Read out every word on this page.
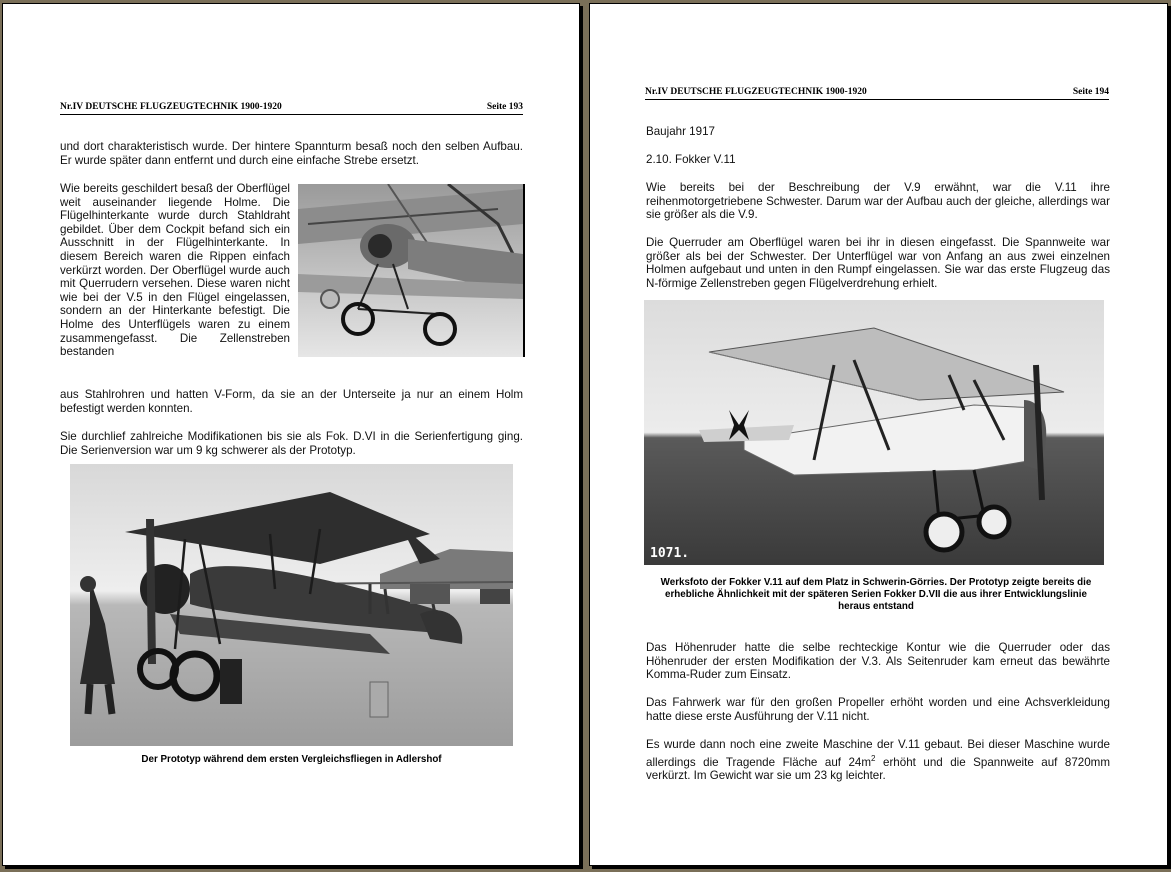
Nr.IV DEUTSCHE FLUGZEUGTECHNIK 1900-1920	Seite 193

und dort charakteristisch wurde. Der hintere Spannturm besaß noch den selben Aufbau. Er wurde später dann entfernt und durch eine einfache Strebe ersetzt.

Wie bereits geschildert besaß der Oberflügel weit auseinander liegende Holme. Die Flügelhinterkante wurde durch Stahldraht gebildet. Über dem Cockpit befand sich ein Ausschnitt in der Flügelhinterkante. In diesem Bereich waren die Rippen einfach verkürzt worden. Der Oberflügel wurde auch mit Querrudern versehen. Diese waren nicht wie bei der V.5 in den Flügel eingelassen, sondern an der Hinterkante befestigt. Die Holme des Unterflügels waren zu einem zusammengefasst. Die Zellenstreben bestanden

aus Stahlrohren und hatten V-Form, da sie an der Unterseite ja nur an einem Holm befestigt werden konnten.

Sie durchlief zahlreiche Modifikationen bis sie als Fok. D.VI in die Serienfertigung ging. Die Serienversion war um 9 kg schwerer als der Prototyp.

Der Prototyp während dem ersten Vergleichsfliegen in Adlershof
Nr.IV DEUTSCHE FLUGZEUGTECHNIK 1900-1920	Seite 194

Baujahr 1917

2.10. Fokker V.11

Wie bereits bei der Beschreibung der V.9 erwähnt, war die V.11 ihre reihenmotorgetriebene Schwester. Darum war der Aufbau auch der gleiche, allerdings war sie größer als die V.9.

Die Querruder am Oberflügel waren bei ihr in diesen eingefasst. Die Spannweite war größer als bei der Schwester. Der Unterflügel war von Anfang an aus zwei einzelnen Holmen aufgebaut und unten in den Rumpf eingelassen. Sie war das erste Flugzeug das N-förmige Zellenstreben gegen Flügelverdrehung erhielt.

1071.
Werksfoto der Fokker V.11 auf dem Platz in Schwerin-Görries. Der Prototyp zeigte bereits die erhebliche Ähnlichkeit mit der späteren Serien Fokker D.VII die aus ihrer Entwicklungslinie heraus entstand

Das Höhenruder hatte die selbe rechteckige Kontur wie die Querruder oder das Höhenruder der ersten Modifikation der V.3. Als Seitenruder kam erneut das bewährte Komma-Ruder zum Einsatz.

Das Fahrwerk war für den großen Propeller erhöht worden und eine Achsverkleidung hatte diese erste Ausführung der V.11 nicht.

Es wurde dann noch eine zweite Maschine der V.11 gebaut. Bei dieser Maschine wurde allerdings die Tragende Fläche auf $24m^2$ erhöht und die Spannweite auf 8720mm verkürzt. Im Gewicht war sie um 23 kg leichter.
